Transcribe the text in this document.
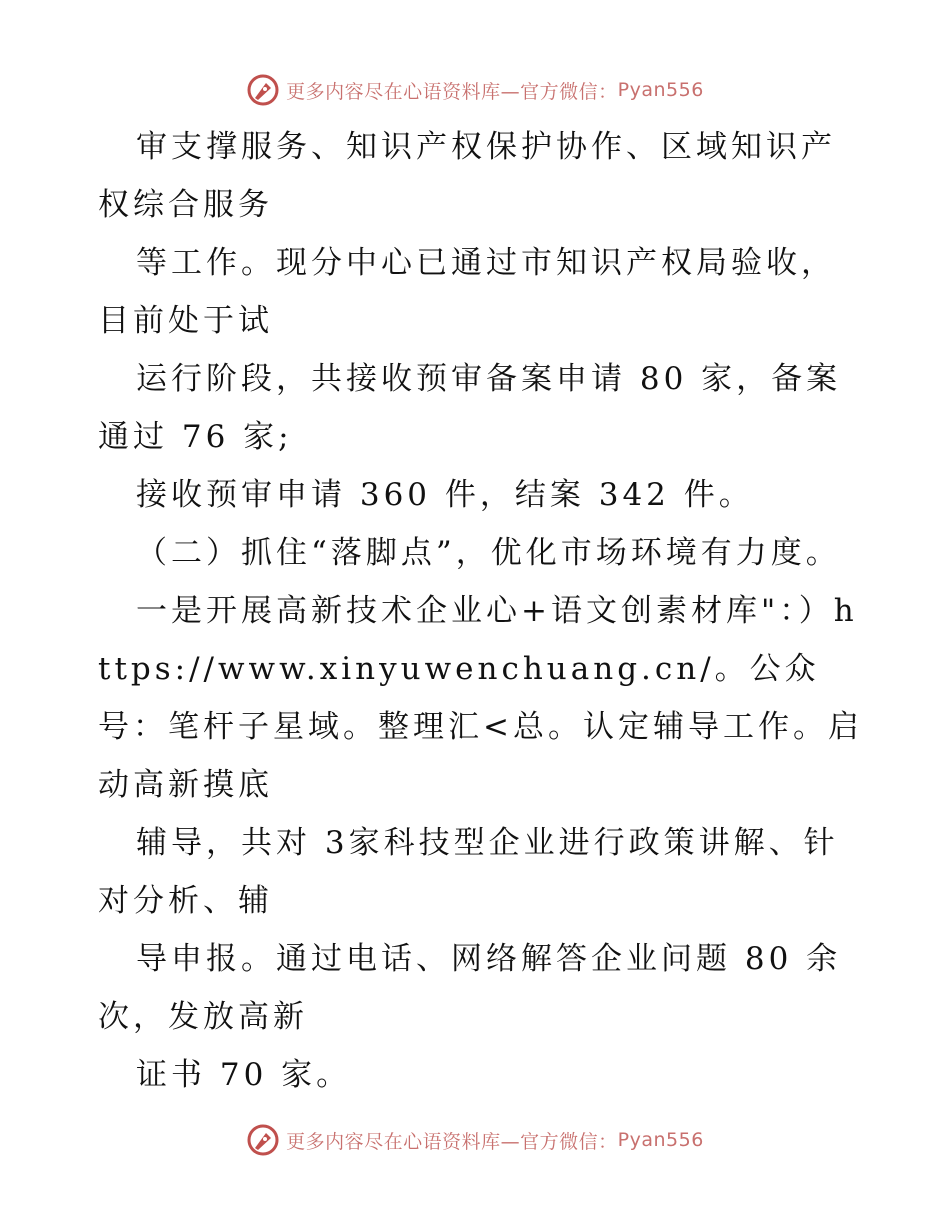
更多内容尽在心语资料库—官方微信： Pyan556

审支撑服务、知识产权保护协作、区域知识产权综合服务

等工作。现分中心已通过市知识产权局验收，目前处于试

运行阶段，共接收预审备案申请 80 家，备案通过 76 家;

接收预审申请 360 件，结案 342 件。

（二）抓住“落脚点”，优化市场环境有力度。

一是开展高新技术企业心+语文创素材库"：）https://www.xinyuwenchuang.cn/。公众号：笔杆子星域。整理汇<总。认定辅导工作。启动高新摸底

辅导，共对 3家科技型企业进行政策讲解、针对分析、辅

导申报。通过电话、网络解答企业问题 80 余次，发放高新

证书 70 家。

更多内容尽在心语资料库—官方微信： Pyan556
